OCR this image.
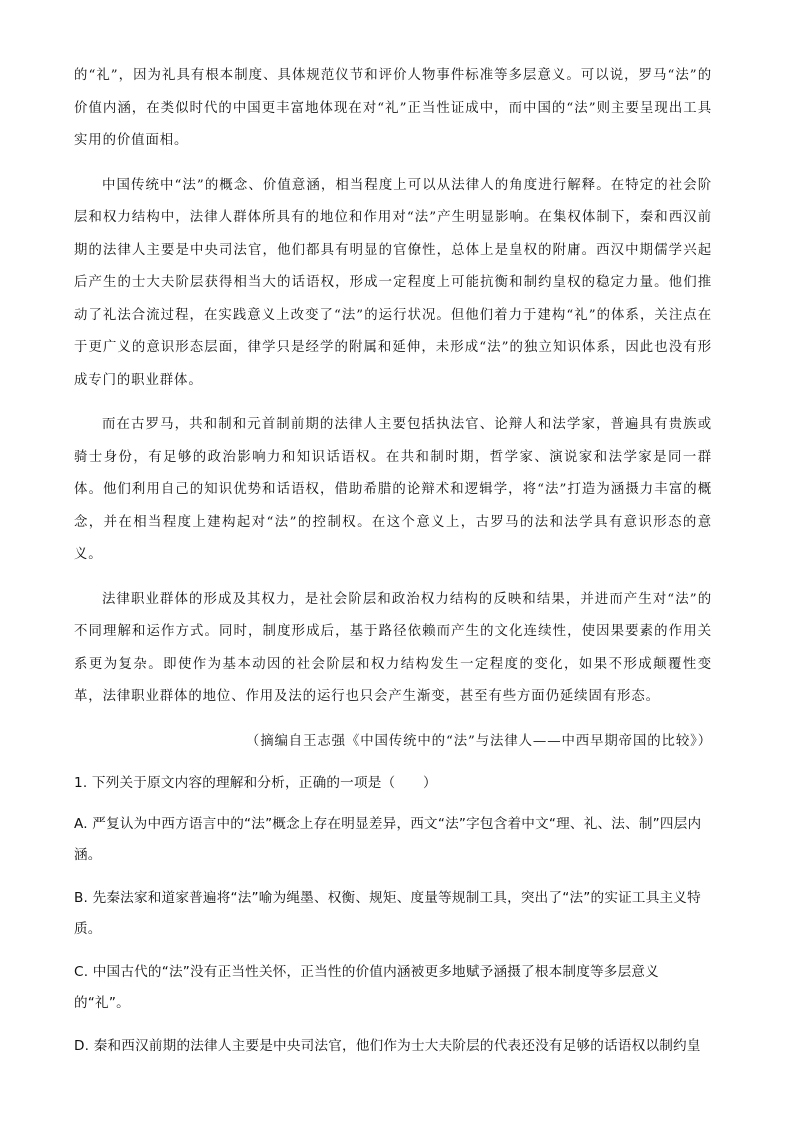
的“礼”，因为礼具有根本制度、具体规范仪节和评价人物事件标准等多层意义。可以说，罗马“法”的价值内涵，在类似时代的中国更丰富地体现在对“礼”正当性证成中，而中国的“法”则主要呈现出工具实用的价值面相。

中国传统中“法”的概念、价值意涵，相当程度上可以从法律人的角度进行解释。在特定的社会阶层和权力结构中，法律人群体所具有的地位和作用对“法”产生明显影响。在集权体制下，秦和西汉前期的法律人主要是中央司法官，他们都具有明显的官僚性，总体上是皇权的附庸。西汉中期儒学兴起后产生的士大夫阶层获得相当大的话语权，形成一定程度上可能抗衡和制约皇权的稳定力量。他们推动了礼法合流过程，在实践意义上改变了“法”的运行状况。但他们着力于建构“礼”的体系，关注点在于更广义的意识形态层面，律学只是经学的附属和延伸，未形成“法”的独立知识体系，因此也没有形成专门的职业群体。

而在古罗马，共和制和元首制前期的法律人主要包括执法官、论辩人和法学家，普遍具有贵族或骑士身份，有足够的政治影响力和知识话语权。在共和制时期，哲学家、演说家和法学家是同一群体。他们利用自己的知识优势和话语权，借助希腊的论辩术和逻辑学，将“法”打造为涵摄力丰富的概念，并在相当程度上建构起对“法”的控制权。在这个意义上，古罗马的法和法学具有意识形态的意义。

法律职业群体的形成及其权力，是社会阶层和政治权力结构的反映和结果，并进而产生对“法”的不同理解和运作方式。同时，制度形成后，基于路径依赖而产生的文化连续性，使因果要素的作用关系更为复杂。即使作为基本动因的社会阶层和权力结构发生一定程度的变化，如果不形成颠覆性变革，法律职业群体的地位、作用及法的运行也只会产生渐变，甚至有些方面仍延续固有形态。

（摘编自王志强《中国传统中的“法”与法律人——中西早期帝国的比较》）

1. 下列关于原文内容的理解和分析，正确的一项是（　　）

A. 严复认为中西方语言中的“法”概念上存在明显差异，西文“法”字包含着中文“理、礼、法、制”四层内涵。

B. 先秦法家和道家普遍将“法”喻为绳墨、权衡、规矩、度量等规制工具，突出了“法”的实证工具主义特质。

C. 中国古代的“法”没有正当性关怀，正当性的价值内涵被更多地赋予涵摄了根本制度等多层意义的“礼”。

D. 秦和西汉前期的法律人主要是中央司法官，他们作为士大夫阶层的代表还没有足够的话语权以制约皇
